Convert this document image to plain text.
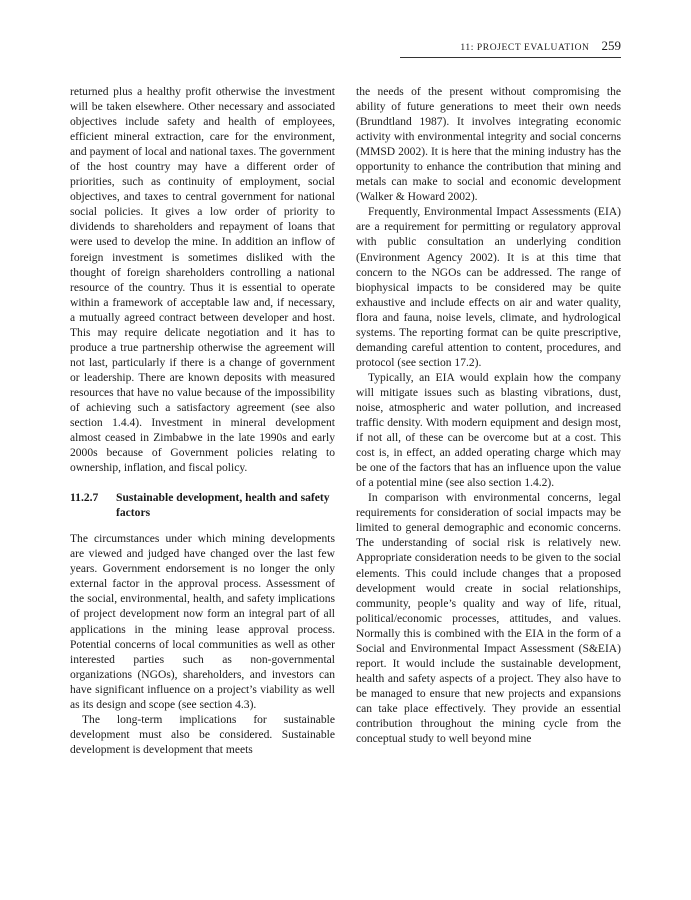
11: PROJECT EVALUATION 259

returned plus a healthy profit otherwise the investment will be taken elsewhere. Other necessary and associated objectives include safety and health of employees, efficient mineral extraction, care for the environment, and payment of local and national taxes. The government of the host country may have a different order of priorities, such as continuity of employment, social objectives, and taxes to central government for national social policies. It gives a low order of priority to dividends to shareholders and repayment of loans that were used to develop the mine. In addition an inflow of foreign investment is sometimes disliked with the thought of foreign shareholders controlling a national resource of the country. Thus it is essential to operate within a framework of acceptable law and, if necessary, a mutually agreed contract between developer and host. This may require delicate negotiation and it has to produce a true partnership otherwise the agreement will not last, particularly if there is a change of government or leadership. There are known deposits with measured resources that have no value because of the impossibility of achieving such a satisfactory agreement (see also section 1.4.4). Investment in mineral development almost ceased in Zimbabwe in the late 1990s and early 2000s because of Government policies relating to ownership, inflation, and fiscal policy.

11.2.7	Sustainable development, health and safety factors

The circumstances under which mining developments are viewed and judged have changed over the last few years. Government endorsement is no longer the only external factor in the approval process. Assessment of the social, environmental, health, and safety implications of project development now form an integral part of all applications in the mining lease approval process. Potential concerns of local communities as well as other interested parties such as non-governmental organizations (NGOs), shareholders, and investors can have significant influence on a project’s viability as well as its design and scope (see section 4.3).

The long-term implications for sustainable development must also be considered. Sustainable development is development that meets

the needs of the present without compromising the ability of future generations to meet their own needs (Brundtland 1987). It involves integrating economic activity with environmental integrity and social concerns (MMSD 2002). It is here that the mining industry has the opportunity to enhance the contribution that mining and metals can make to social and economic development (Walker & Howard 2002).

Frequently, Environmental Impact Assessments (EIA) are a requirement for permitting or regulatory approval with public consultation an underlying condition (Environment Agency 2002). It is at this time that concern to the NGOs can be addressed. The range of biophysical impacts to be considered may be quite exhaustive and include effects on air and water quality, flora and fauna, noise levels, climate, and hydrological systems. The reporting format can be quite prescriptive, demanding careful attention to content, procedures, and protocol (see section 17.2).

Typically, an EIA would explain how the company will mitigate issues such as blasting vibrations, dust, noise, atmospheric and water pollution, and increased traffic density. With modern equipment and design most, if not all, of these can be overcome but at a cost. This cost is, in effect, an added operating charge which may be one of the factors that has an influence upon the value of a potential mine (see also section 1.4.2).

In comparison with environmental concerns, legal requirements for consideration of social impacts may be limited to general demographic and economic concerns. The understanding of social risk is relatively new. Appropriate consideration needs to be given to the social elements. This could include changes that a proposed development would create in social relationships, community, people’s quality and way of life, ritual, political/economic processes, attitudes, and values. Normally this is combined with the EIA in the form of a Social and Environmental Impact Assessment (S&EIA) report. It would include the sustainable development, health and safety aspects of a project. They also have to be managed to ensure that new projects and expansions can take place effectively. They provide an essential contribution throughout the mining cycle from the conceptual study to well beyond mine
